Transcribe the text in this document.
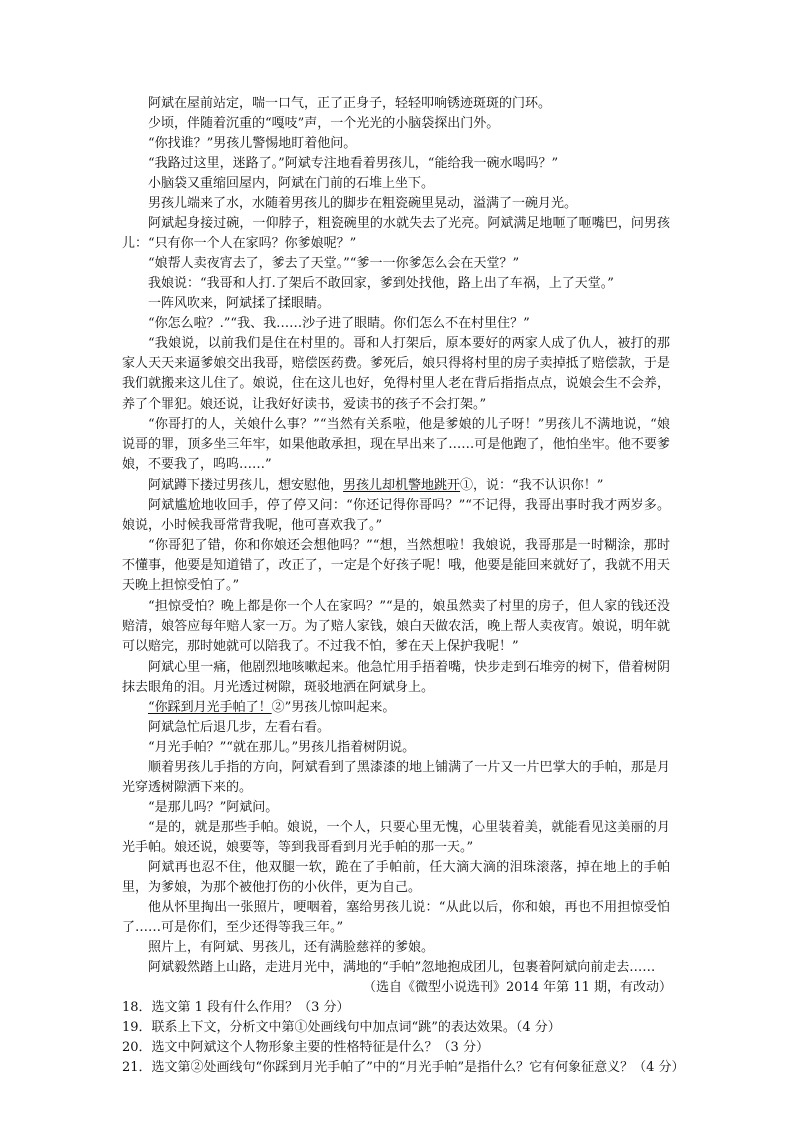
阿斌在屋前站定，喘一口气，正了正身子，轻轻叩响锈迹斑斑的门环。

少顷，伴随着沉重的“嘎吱”声，一个光光的小脑袋探出门外。

“你找谁？”男孩儿警惕地盯着他问。

“我路过这里，迷路了。”阿斌专注地看着男孩儿，“能给我一碗水喝吗？”

小脑袋又重缩回屋内，阿斌在门前的石堆上坐下。

男孩儿端来了水，水随着男孩儿的脚步在粗瓷碗里晃动，溢满了一碗月光。

阿斌起身接过碗，一仰脖子，粗瓷碗里的水就失去了光亮。阿斌满足地咂了咂嘴巴，问男孩儿：“只有你一个人在家吗？你爹娘呢？”

“娘帮人卖夜宵去了，爹去了天堂。”“爹一一你爹怎么会在天堂？”

我娘说：“我哥和人打.了架后不敢回家，爹到处找他，路上出了车祸，上了天堂。”

一阵风吹来，阿斌揉了揉眼睛。

“你怎么啦？.”“我、我……沙子进了眼睛。你们怎么不在村里住？”

“我娘说，以前我们是住在村里的。哥和人打架后，原本要好的两家人成了仇人，被打的那家人天天来逼爹娘交出我哥，赔偿医药费。爹死后，娘只得将村里的房子卖掉抵了赔偿款，于是我们就搬来这儿住了。娘说，住在这儿也好，免得村里人老在背后指指点点，说娘会生不会养，养了个罪犯。娘还说，让我好好读书，爱读书的孩子不会打架。”

“你哥打的人，关娘什么事？”“当然有关系啦，他是爹娘的儿子呀！”男孩儿不满地说，“娘说哥的罪，顶多坐三年牢，如果他敢承担，现在早出来了……可是他跑了，他怕坐牢。他不要爹娘，不要我了，呜呜……”

阿斌蹲下搂过男孩儿，想安慰他，男孩儿却机警地跳开①，说：“我不认识你！”

阿斌尴尬地收回手，停了停又问：“你还记得你哥吗？”“不记得，我哥出事时我才两岁多。娘说，小时候我哥常背我呢，他可喜欢我了。”

“你哥犯了错，你和你娘还会想他吗？”“想，当然想啦！我娘说，我哥那是一时糊涂，那时不懂事，他要是知道错了，改正了，一定是个好孩子呢！哦，他要是能回来就好了，我就不用天天晚上担惊受怕了。”

“担惊受怕？晚上都是你一个人在家吗？”“是的，娘虽然卖了村里的房子，但人家的钱还没赔清，娘答应每年赔人家一万。为了赔人家钱，娘白天做农活，晚上帮人卖夜宵。娘说，明年就可以赔完，那时她就可以陪我了。不过我不怕，爹在天上保护我呢！”

阿斌心里一痛，他剧烈地咳嗽起来。他急忙用手捂着嘴，快步走到石堆旁的树下，借着树阴抹去眼角的泪。月光透过树隙，斑驳地洒在阿斌身上。

“你踩到月光手帕了！②”男孩儿惊叫起来。

阿斌急忙后退几步，左看右看。

“月光手帕？”“就在那儿。”男孩儿指着树阴说。

顺着男孩儿手指的方向，阿斌看到了黑漆漆的地上铺满了一片又一片巴掌大的手帕，那是月光穿透树隙洒下来的。

“是那儿吗？”阿斌问。

“是的，就是那些手帕。娘说，一个人，只要心里无愧，心里装着美，就能看见这美丽的月光手帕。娘还说，娘要等，等到我哥看到月光手帕的那一天。”

阿斌再也忍不住，他双腿一软，跪在了手帕前，任大滴大滴的泪珠滚落，掉在地上的手帕里，为爹娘，为那个被他打伤的小伙伴，更为自己。

他从怀里掏出一张照片，哽咽着，塞给男孩儿说：“从此以后，你和娘，再也不用担惊受怕了……可是你们，至少还得等我三年。”

照片上，有阿斌、男孩儿，还有满脸慈祥的爹娘。

阿斌毅然踏上山路，走进月光中，满地的“手帕”忽地抱成团儿，包裹着阿斌向前走去……

（选自《微型小说选刊》2014 年第 11 期，有改动）

18．选文第 1 段有什么作用？（3 分）

19．联系上下文，分析文中第①处画线句中加点词“跳”的表达效果。（4 分）

20．选文中阿斌这个人物形象主要的性格特征是什么？（3 分）

21．选文第②处画线句“你踩到月光手帕了”中的“月光手帕”是指什么？它有何象征意义？（4 分）
